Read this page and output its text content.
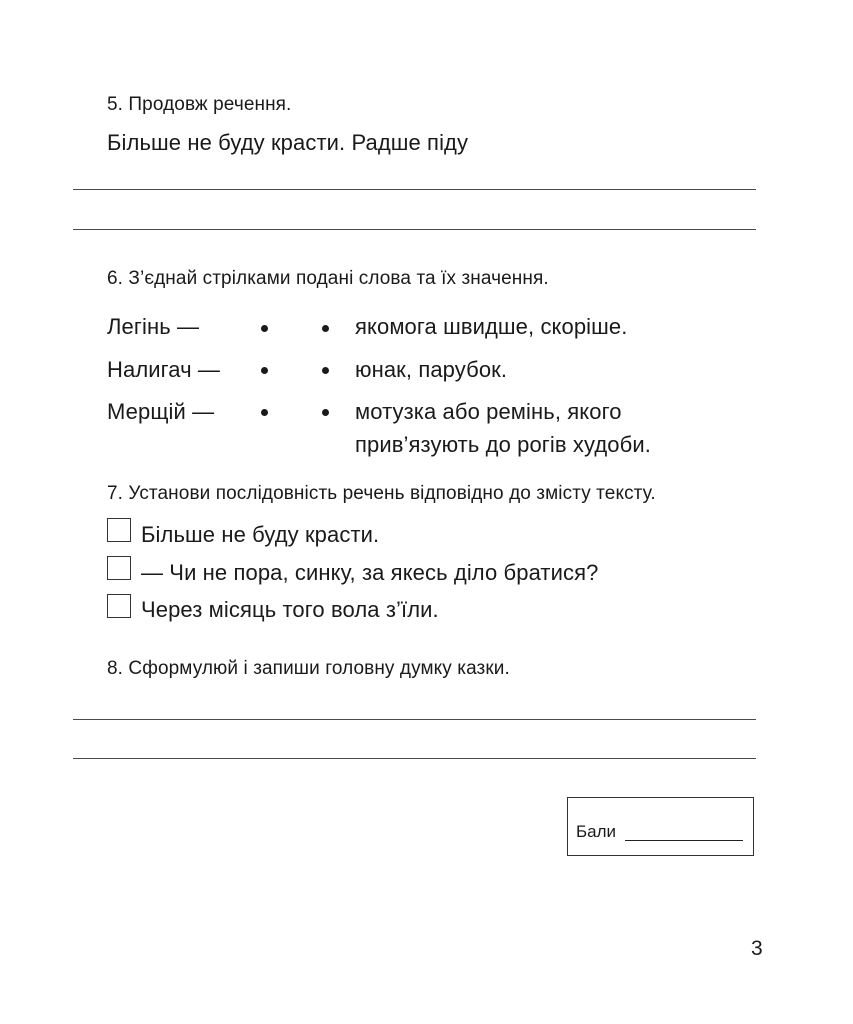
5. Продовж речення.
Більше не буду красти. Радше піду
6. З’єднай стрілками подані слова та їх значення.
Легінь —	якомога швидше, скоріше.
Налигач —	юнак, парубок.
Мерщій —	мотузка або ремінь, якого
прив’язують до рогів худоби.
7. Установи послідовність речень відповідно до змісту тексту.
Більше не буду красти.
— Чи не пора, синку, за якесь діло братися?
Через місяць того вола з’їли.
8. Сформулюй і запиши головну думку казки.
Бали
3
